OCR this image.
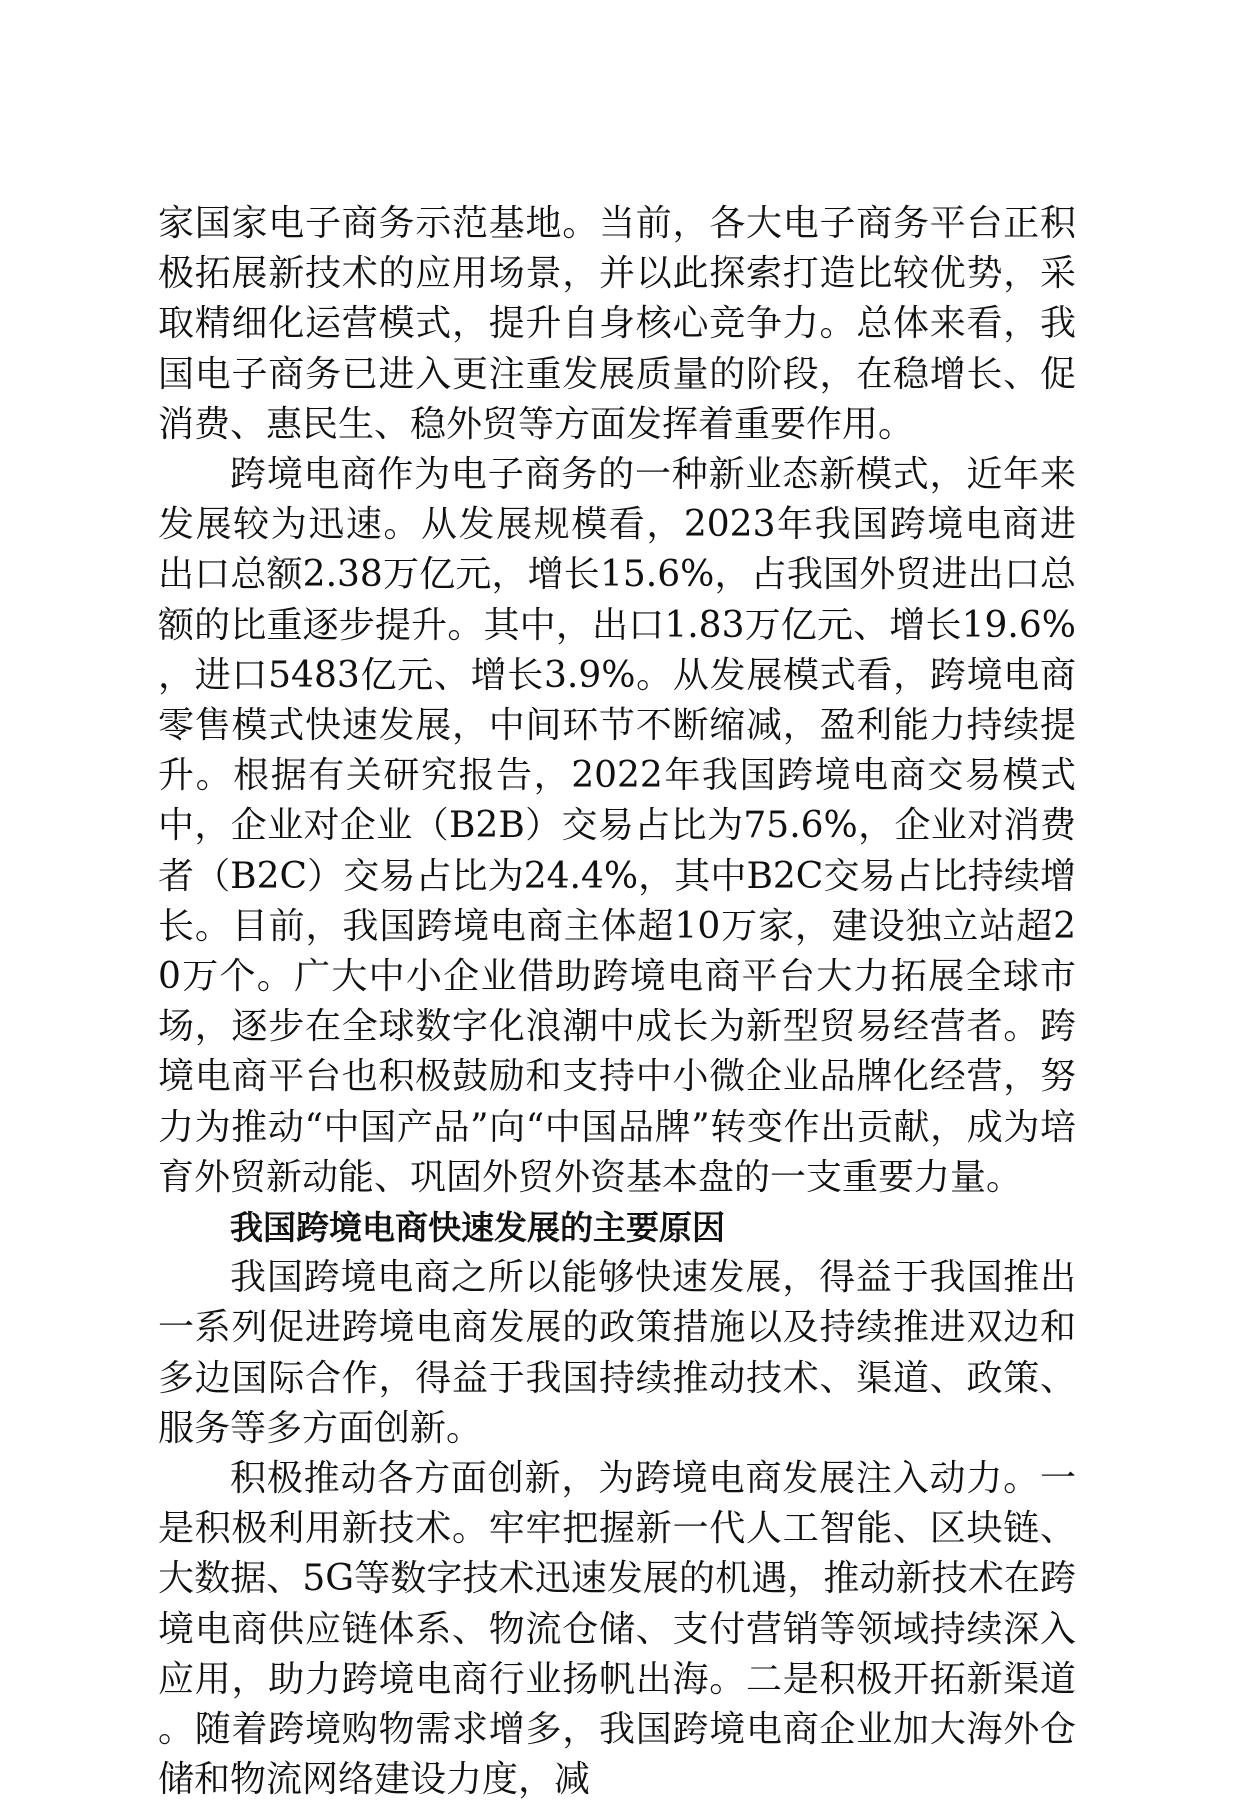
家国家电子商务示范基地。当前，各大电子商务平台正积极拓展新技术的应用场景，并以此探索打造比较优势，采取精细化运营模式，提升自身核心竞争力。总体来看，我国电子商务已进入更注重发展质量的阶段，在稳增长、促消费、惠民生、稳外贸等方面发挥着重要作用。

跨境电商作为电子商务的一种新业态新模式，近年来发展较为迅速。从发展规模看，2023年我国跨境电商进出口总额2.38万亿元，增长15.6%，占我国外贸进出口总额的比重逐步提升。其中，出口1.83万亿元、增长19.6%，进口5483亿元、增长3.9%。从发展模式看，跨境电商零售模式快速发展，中间环节不断缩减，盈利能力持续提升。根据有关研究报告，2022年我国跨境电商交易模式中，企业对企业（B2B）交易占比为75.6%，企业对消费者（B2C）交易占比为24.4%，其中B2C交易占比持续增长。目前，我国跨境电商主体超10万家，建设独立站超20万个。广大中小企业借助跨境电商平台大力拓展全球市场，逐步在全球数字化浪潮中成长为新型贸易经营者。跨境电商平台也积极鼓励和支持中小微企业品牌化经营，努力为推动“中国产品”向“中国品牌”转变作出贡献，成为培育外贸新动能、巩固外贸外资基本盘的一支重要力量。

我国跨境电商快速发展的主要原因

我国跨境电商之所以能够快速发展，得益于我国推出一系列促进跨境电商发展的政策措施以及持续推进双边和多边国际合作，得益于我国持续推动技术、渠道、政策、服务等多方面创新。

积极推动各方面创新，为跨境电商发展注入动力。一是积极利用新技术。牢牢把握新一代人工智能、区块链、大数据、5G等数字技术迅速发展的机遇，推动新技术在跨境电商供应链体系、物流仓储、支付营销等领域持续深入应用，助力跨境电商行业扬帆出海。二是积极开拓新渠道。随着跨境购物需求增多，我国跨境电商企业加大海外仓储和物流网络建设力度，减
